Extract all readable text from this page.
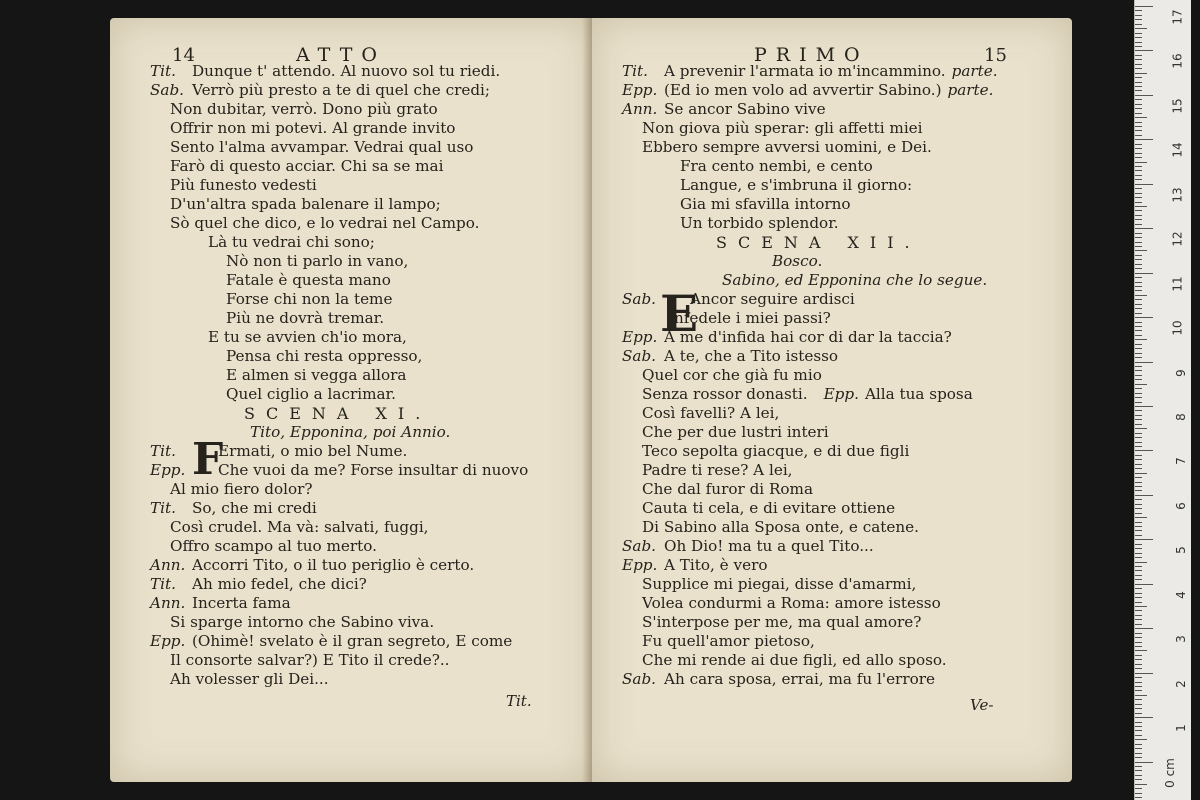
14	ATTO
Tit. Dunque t' attendo. Al nuovo sol tu riedi.
Sab. Verrò più presto a te di quel che credi;
Non dubitar, verrò. Dono più grato
Offrir non mi potevi. Al grande invito
Sento l'alma avvampar. Vedrai qual uso
Farò di questo acciar. Chi sa se mai
Più funesto vedesti
D'un'altra spada balenare il lampo;
Sò quel che dico, e lo vedrai nel Campo.
Là tu vedrai chi sono;
Nò non ti parlo in vano,
Fatale è questa mano
Forse chi non la teme
Più ne dovrà tremar.
E tu se avvien ch'io mora,
Pensa chi resta oppresso,
E almen si vegga allora
Quel ciglio a lacrimar.
SCENA XI.
Tito, Epponina, poi Annio.
Tit.	Ermati, o mio bel Nume.
Epp. Che vuoi da me? Forse insultar di nuovo
Al mio fiero dolor?
Tit. So, che mi credi
Così crudel. Ma và: salvati, fuggi,
Offro scampo al tuo merto.
Ann. Accorri Tito, o il tuo periglio è certo.
Tit. Ah mio fedel, che dici?
Ann. Incerta fama
Si sparge intorno che Sabino viva.
Epp. (Ohimè! svelato è il gran segreto, E come
Il consorte salvar?) E Tito il crede?..
Ah volesser gli Dei...
F
Tit.
PRIMO	15
Tit. A prevenir l'armata io m'incammino. parte.
Epp. (Ed io men volo ad avvertir Sabino.) parte.
Ann. Se ancor Sabino vive
Non giova più sperar: gli affetti miei
Ebbero sempre avversi uomini, e Dei.
Fra cento nembi, e cento
Langue, e s'imbruna il giorno:
Gia mi sfavilla intorno
Un torbido splendor.
SCENA XII.
Bosco.
Sabino, ed Epponina che lo segue.
Sab. Ancor seguire ardisci
Infedele i miei passi?
Epp. A me d'infida hai cor di dar la taccia?
Sab. A te, che a Tito istesso
Quel cor che già fu mio
Senza rossor donasti. Epp. Alla tua sposa
Così favelli? A lei,
Che per due lustri interi
Teco sepolta giacque, e di due figli
Padre ti rese? A lei,
Che dal furor di Roma
Cauta ti cela, e di evitare ottiene
Di Sabino alla Sposa onte, e catene.
Sab. Oh Dio! ma tu a quel Tito...
Epp. A Tito, è vero
Supplice mi piegai, disse d'amarmi,
Volea condurmi a Roma: amore istesso
S'interpose per me, ma qual amore?
Fu quell'amor pietoso,
Che mi rende ai due figli, ed allo sposo.
Sab. Ah cara sposa, errai, ma fu l'errore
E
Ve-
17
16
15
14
13
12
11
10
9
8
7
6
5
4
3
2
1
0 cm
